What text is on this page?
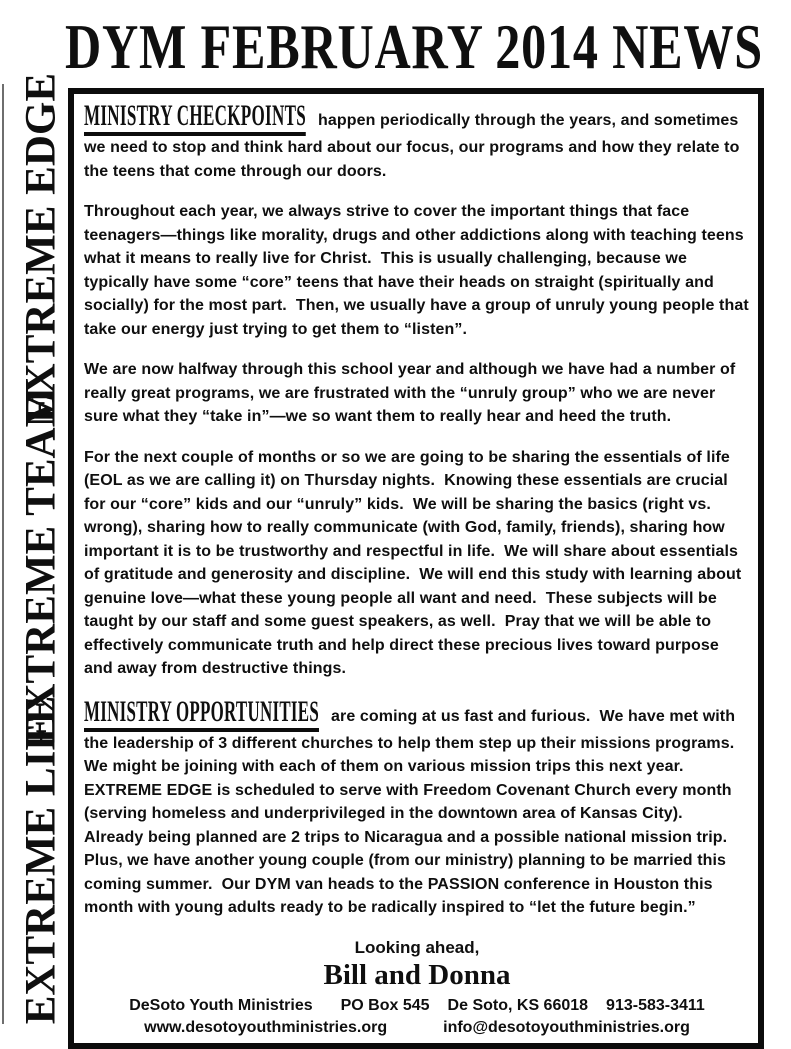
DYM FEBRUARY 2014 NEWS
EXTREME EDGE
EXTREME TEAM
EXTREME LIFE

MINISTRY CHECKPOINTS happen periodically through the years, and sometimes we need to stop and think hard about our focus, our programs and how they relate to the teens that come through our doors.

Throughout each year, we always strive to cover the important things that face teenagers—things like morality, drugs and other addictions along with teaching teens what it means to really live for Christ.  This is usually challenging, because we typically have some “core” teens that have their heads on straight (spiritually and socially) for the most part.  Then, we usually have a group of unruly young people that take our energy just trying to get them to “listen”.

We are now halfway through this school year and although we have had a number of really great programs, we are frustrated with the “unruly group” who we are never sure what they “take in”—we so want them to really hear and heed the truth.

For the next couple of months or so we are going to be sharing the essentials of life (EOL as we are calling it) on Thursday nights.  Knowing these essentials are crucial for our “core” kids and our “unruly” kids.  We will be sharing the basics (right vs. wrong), sharing how to really communicate (with God, family, friends), sharing how important it is to be trustworthy and respectful in life.  We will share about essentials of gratitude and generosity and discipline.  We will end this study with learning about genuine love—what these young people all want and need.  These subjects will be taught by our staff and some guest speakers, as well.  Pray that we will be able to effectively communicate truth and help direct these precious lives toward purpose and away from destructive things.

MINISTRY OPPORTUNITIES are coming at us fast and furious.  We have met with the leadership of 3 different churches to help them step up their missions programs.  We might be joining with each of them on various mission trips this next year.  EXTREME EDGE is scheduled to serve with Freedom Covenant Church every month (serving homeless and underprivileged in the downtown area of Kansas City).  Already being planned are 2 trips to Nicaragua and a possible national mission trip.  Plus, we have another young couple (from our ministry) planning to be married this coming summer.  Our DYM van heads to the PASSION conference in Houston this month with young adults ready to be radically inspired to “let the future begin.”

Looking ahead,
Bill and Donna
DeSoto Youth Ministries PO Box 545 De Soto, KS 66018 913-583-3411
www.desotoyouthministries.org	info@desotoyouthministries.org
